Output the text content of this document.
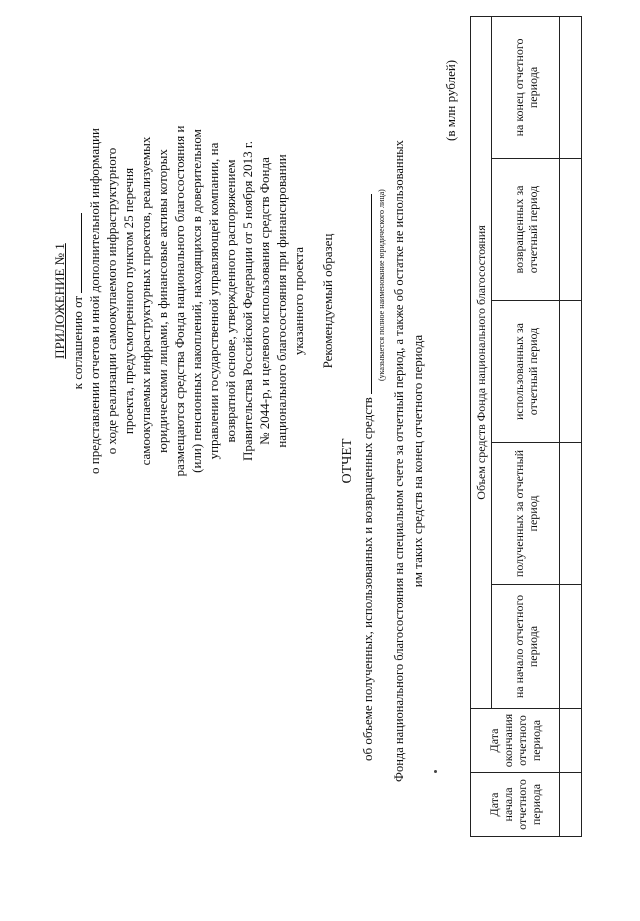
ПРИЛОЖЕНИЕ № 1 к соглашению от о представлении отчетов и иной дополнительной информации о ходе реализации самоокупаемого инфраструктурного проекта, предусмотренного пунктом 25 перечня самоокупаемых инфраструктурных проектов, реализуемых юридическими лицами, в финансовые активы которых размещаются средства Фонда национального благосостояния и (или) пенсионных накоплений, находящихся в доверительном управлении государственной управляющей компании, на возвратной основе, утвержденного распоряжением Правительства Российской Федерации от 5 ноября 2013 г. № 2044-р, и целевого использования средств Фонда национального благосостояния при финансировании указанного проекта Рекомендуемый образец
ОТЧЕТ об объеме полученных, использованных и возвращенных средств
(указывается полное наименование юридического лица) Фонда национального благосостояния на специальном счете за отчетный период, а также об остатке не использованных им таких средств на конец отчетного периода
(в млн рублей)
Дата начала отчетного периода	Дата окончания отчетного периода	Объем средств Фонда национального благосостояния				
		на начало отчетного периода	полученных за отчетный период	использованных за отчетный период	возвращенных за отчетный период	на конец отчетного периода
